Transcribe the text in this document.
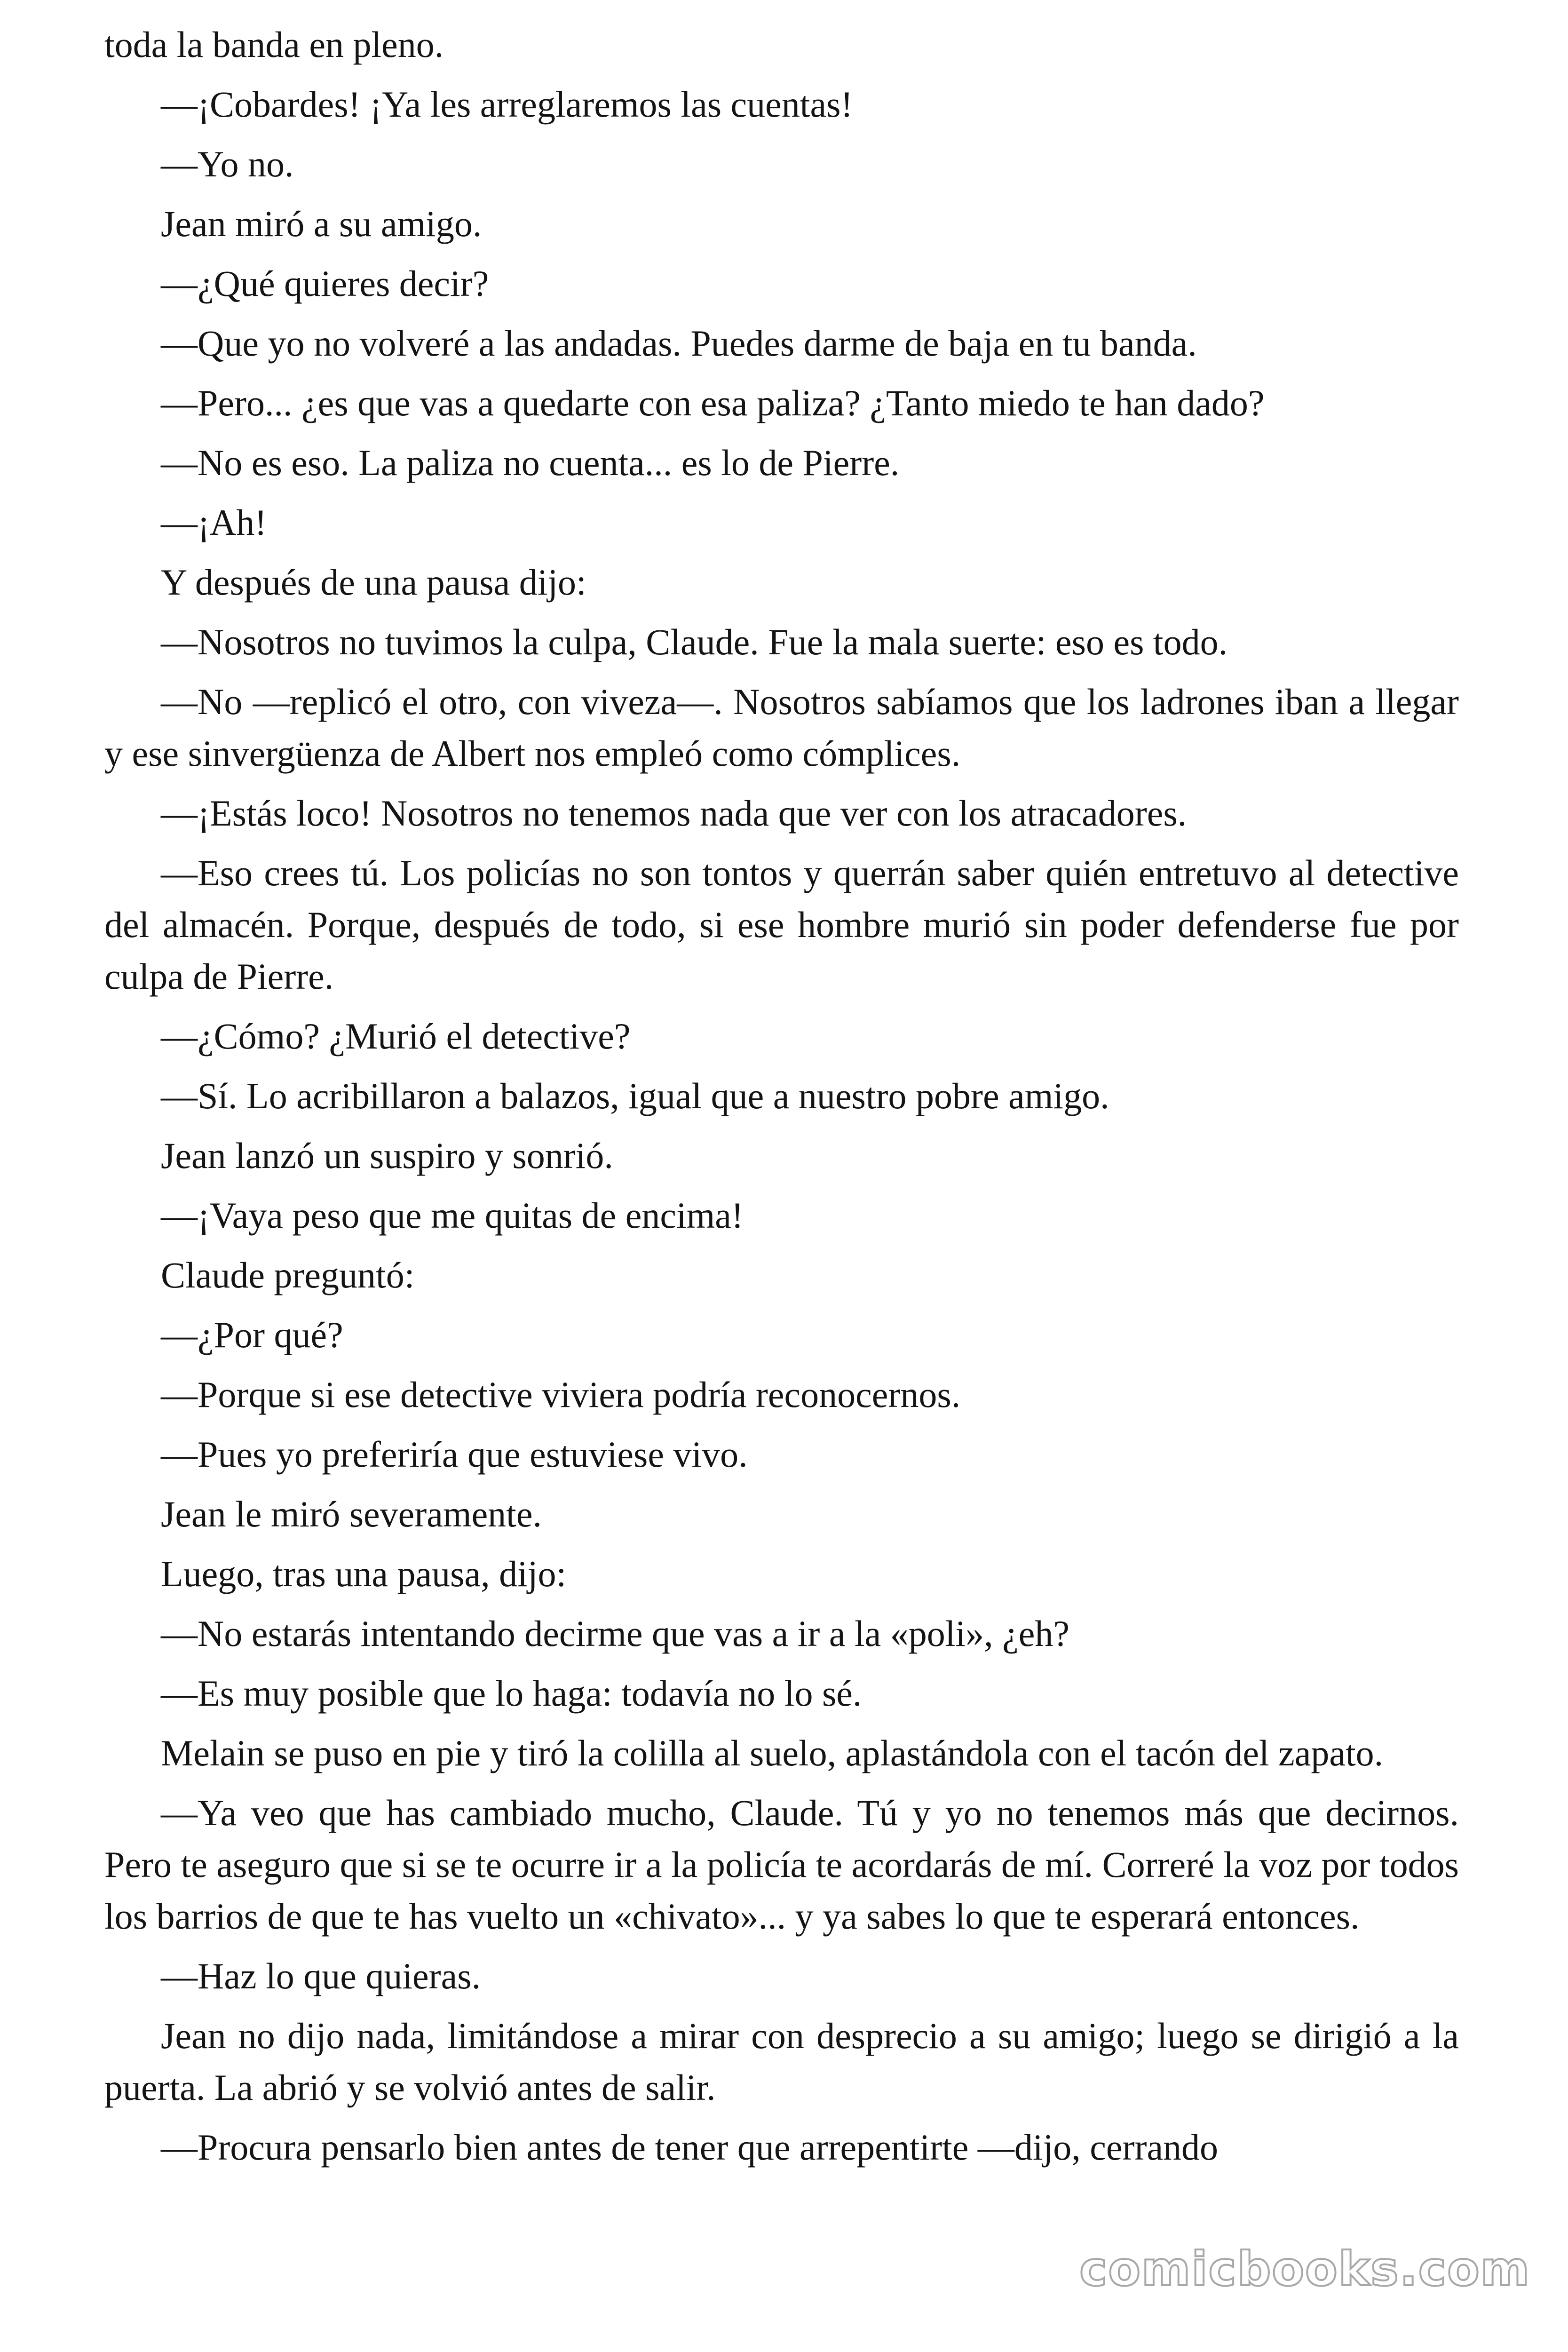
toda la banda en pleno.

—¡Cobardes! ¡Ya les arreglaremos las cuentas!

—Yo no.

Jean miró a su amigo.

—¿Qué quieres decir?

—Que yo no volveré a las andadas. Puedes darme de baja en tu banda.

—Pero... ¿es que vas a quedarte con esa paliza? ¿Tanto miedo te han dado?

—No es eso. La paliza no cuenta... es lo de Pierre.

—¡Ah!

Y después de una pausa dijo:

—Nosotros no tuvimos la culpa, Claude. Fue la mala suerte: eso es todo.

—No —replicó el otro, con viveza—. Nosotros sabíamos que los ladrones iban a llegar y ese sinvergüenza de Albert nos empleó como cómplices.

—¡Estás loco! Nosotros no tenemos nada que ver con los atracadores.

—Eso crees tú. Los policías no son tontos y querrán saber quién entretuvo al detective del almacén. Porque, después de todo, si ese hombre murió sin poder defenderse fue por culpa de Pierre.

—¿Cómo? ¿Murió el detective?

—Sí. Lo acribillaron a balazos, igual que a nuestro pobre amigo.

Jean lanzó un suspiro y sonrió.

—¡Vaya peso que me quitas de encima!

Claude preguntó:

—¿Por qué?

—Porque si ese detective viviera podría reconocernos.

—Pues yo preferiría que estuviese vivo.

Jean le miró severamente.

Luego, tras una pausa, dijo:

—No estarás intentando decirme que vas a ir a la «poli», ¿eh?

—Es muy posible que lo haga: todavía no lo sé.

Melain se puso en pie y tiró la colilla al suelo, aplastándola con el tacón del zapato.

—Ya veo que has cambiado mucho, Claude. Tú y yo no tenemos más que decirnos. Pero te aseguro que si se te ocurre ir a la policía te acordarás de mí. Correré la voz por todos los barrios de que te has vuelto un «chivato»... y ya sabes lo que te esperará entonces.

—Haz lo que quieras.

Jean no dijo nada, limitándose a mirar con desprecio a su amigo; luego se dirigió a la puerta. La abrió y se volvió antes de salir.

—Procura pensarlo bien antes de tener que arrepentirte —dijo, cerrando

comicbooks.com
